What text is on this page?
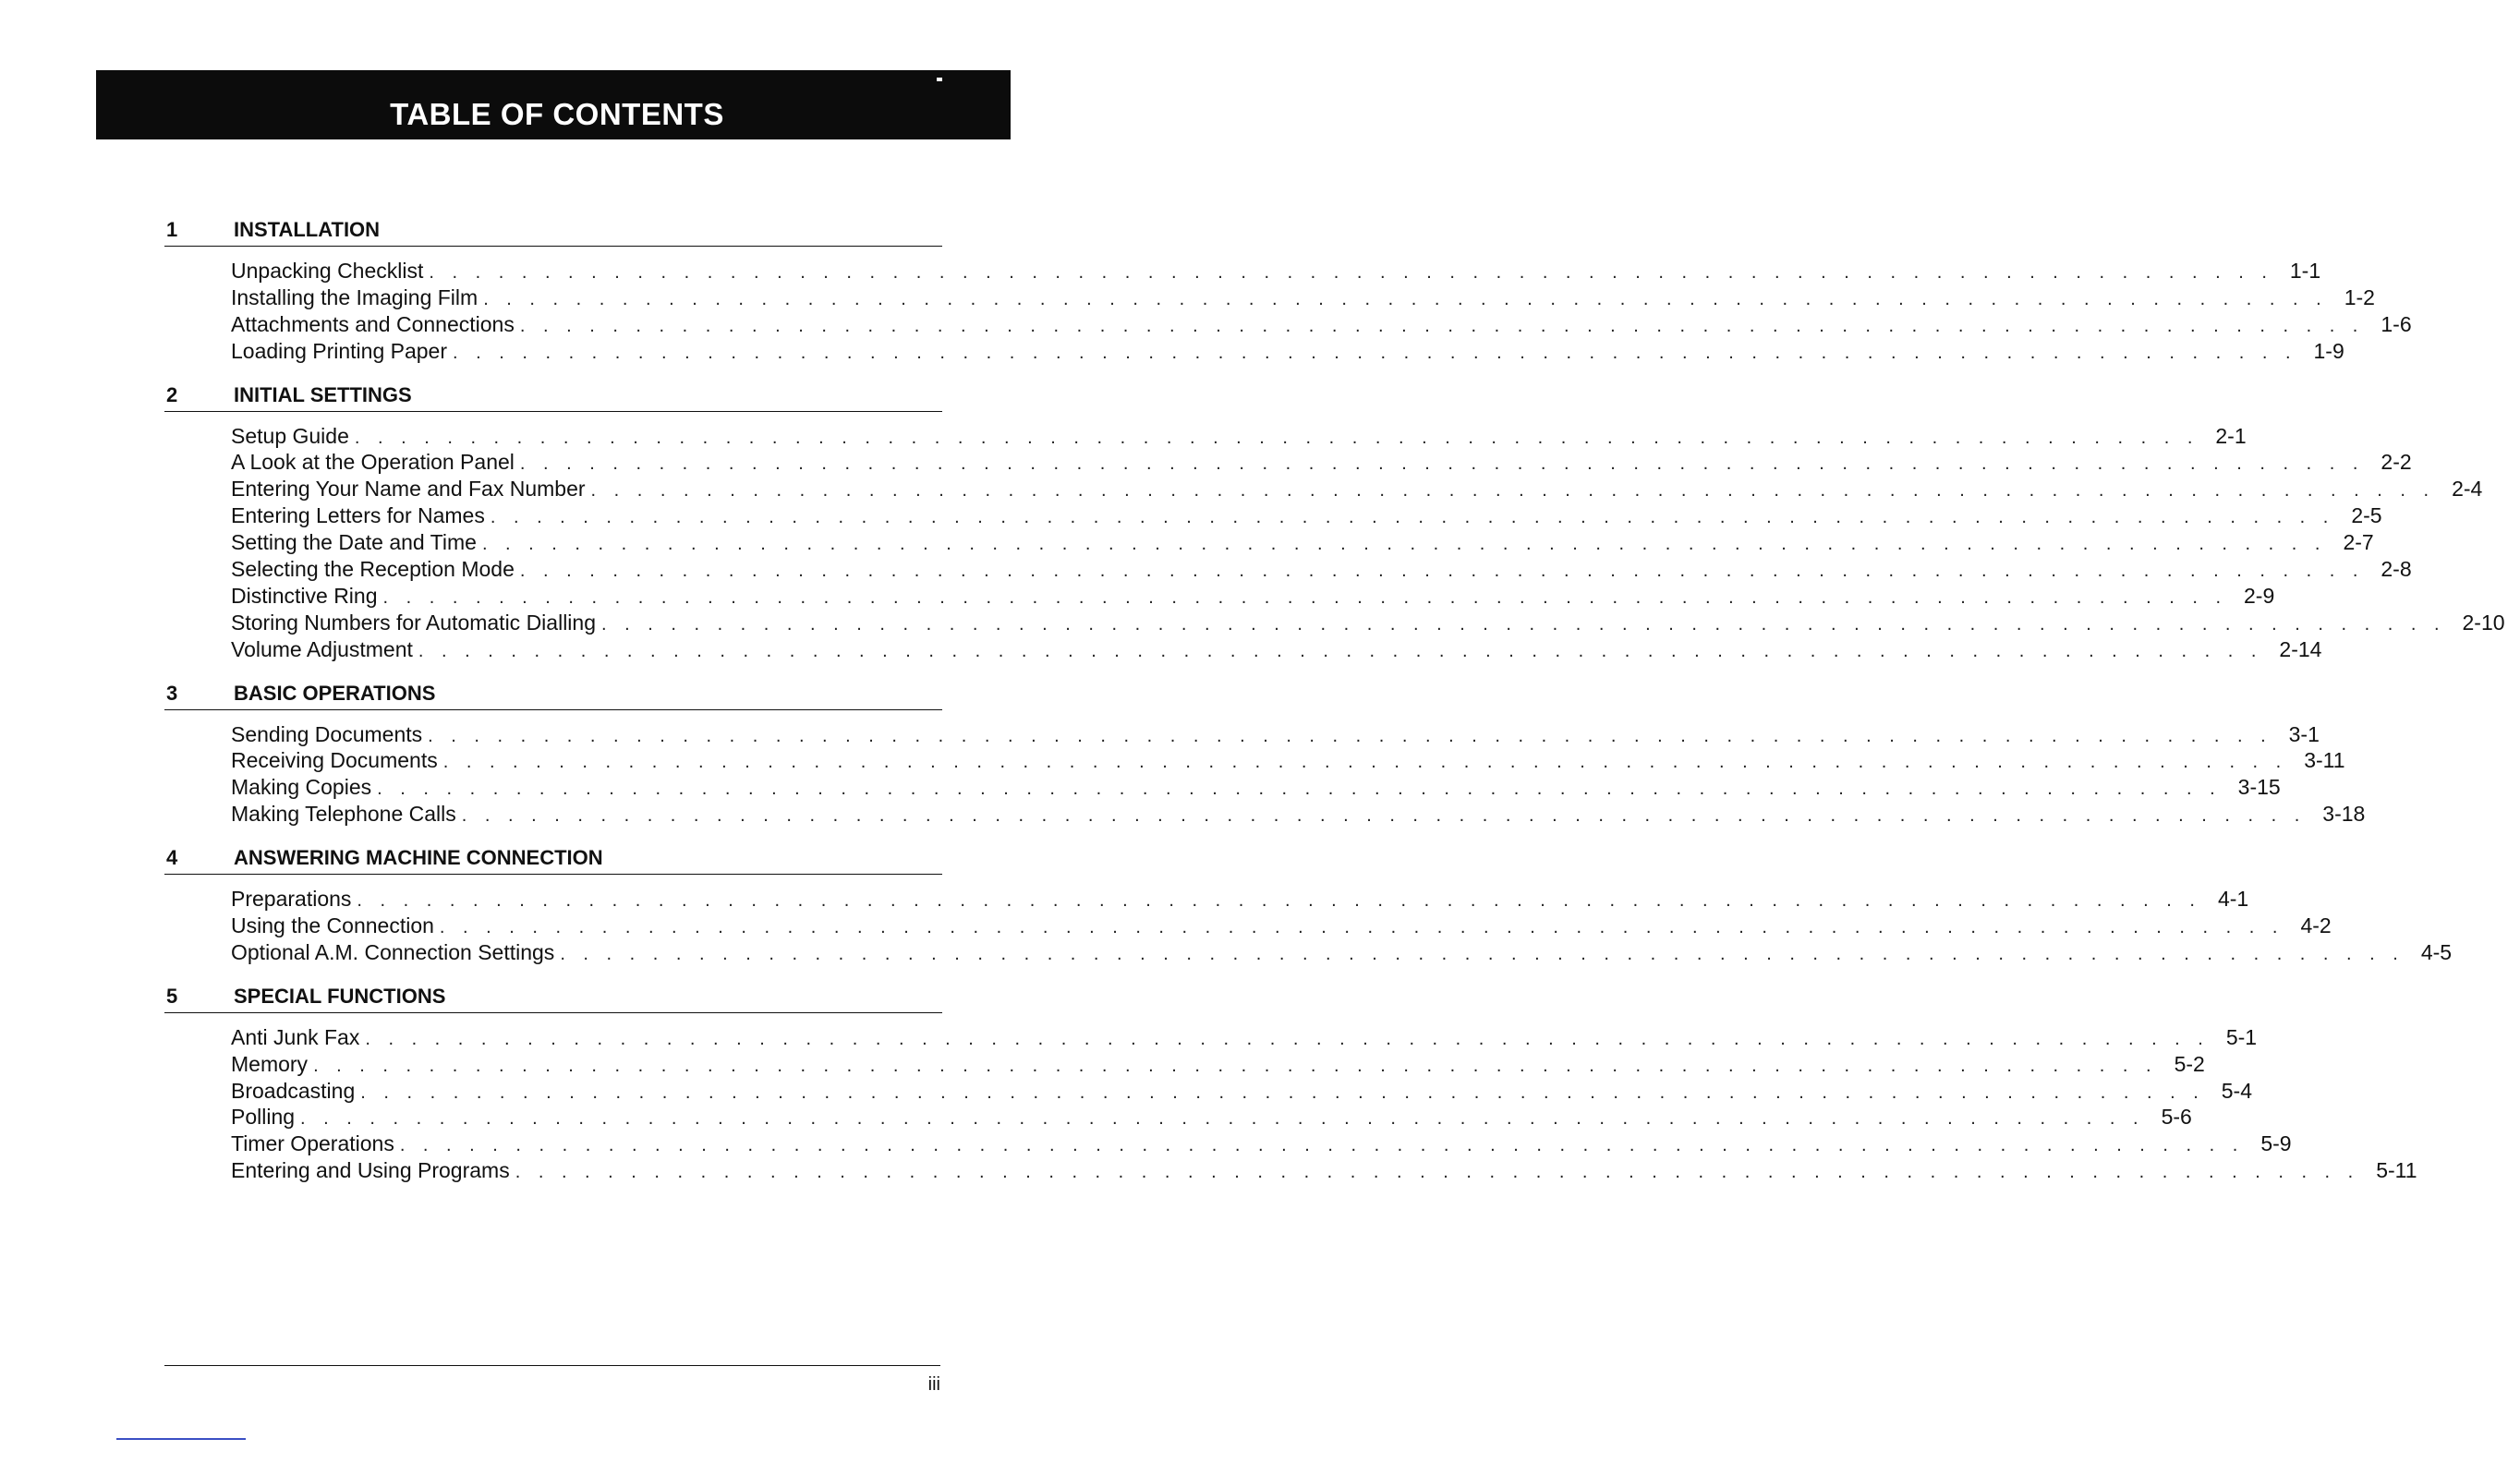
TABLE OF CONTENTS
1	INSTALLATION
Unpacking Checklist . . . . . . . . . . . . . . . . . . . . . . . . . . . . . . . . . . . . . . . . . . . . . . . . . . . . . . . . . . . . . . . . . . . . . . . . . . . . . . . . 1-1
Installing the Imaging Film . . . . . . . . . . . . . . . . . . . . . . . . . . . . . . . . . . . . . . . . . . . . . . . . . . . . . . . . . . . . . . . . . . . . . . . . . . . . . . . . 1-2
Attachments and Connections . . . . . . . . . . . . . . . . . . . . . . . . . . . . . . . . . . . . . . . . . . . . . . . . . . . . . . . . . . . . . . . . . . . . . . . . . . . . . . . . 1-6
Loading Printing Paper . . . . . . . . . . . . . . . . . . . . . . . . . . . . . . . . . . . . . . . . . . . . . . . . . . . . . . . . . . . . . . . . . . . . . . . . . . . . . . . . 1-9
2	INITIAL SETTINGS
Setup Guide . . . . . . . . . . . . . . . . . . . . . . . . . . . . . . . . . . . . . . . . . . . . . . . . . . . . . . . . . . . . . . . . . . . . . . . . . . . . . . . . 2-1
A Look at the Operation Panel . . . . . . . . . . . . . . . . . . . . . . . . . . . . . . . . . . . . . . . . . . . . . . . . . . . . . . . . . . . . . . . . . . . . . . . . . . . . . . . . 2-2
Entering Your Name and Fax Number . . . . . . . . . . . . . . . . . . . . . . . . . . . . . . . . . . . . . . . . . . . . . . . . . . . . . . . . . . . . . . . . . . . . . . . . . . . . . . . . 2-4
Entering Letters for Names . . . . . . . . . . . . . . . . . . . . . . . . . . . . . . . . . . . . . . . . . . . . . . . . . . . . . . . . . . . . . . . . . . . . . . . . . . . . . . . . 2-5
Setting the Date and Time . . . . . . . . . . . . . . . . . . . . . . . . . . . . . . . . . . . . . . . . . . . . . . . . . . . . . . . . . . . . . . . . . . . . . . . . . . . . . . . . 2-7
Selecting the Reception Mode . . . . . . . . . . . . . . . . . . . . . . . . . . . . . . . . . . . . . . . . . . . . . . . . . . . . . . . . . . . . . . . . . . . . . . . . . . . . . . . . 2-8
Distinctive Ring . . . . . . . . . . . . . . . . . . . . . . . . . . . . . . . . . . . . . . . . . . . . . . . . . . . . . . . . . . . . . . . . . . . . . . . . . . . . . . . . 2-9
Storing Numbers for Automatic Dialling . . . . . . . . . . . . . . . . . . . . . . . . . . . . . . . . . . . . . . . . . . . . . . . . . . . . . . . . . . . . . . . . . . . . . . . . . . . . . . . . 2-10
Volume Adjustment . . . . . . . . . . . . . . . . . . . . . . . . . . . . . . . . . . . . . . . . . . . . . . . . . . . . . . . . . . . . . . . . . . . . . . . . . . . . . . . . 2-14
3	BASIC OPERATIONS
Sending Documents . . . . . . . . . . . . . . . . . . . . . . . . . . . . . . . . . . . . . . . . . . . . . . . . . . . . . . . . . . . . . . . . . . . . . . . . . . . . . . . . 3-1
Receiving Documents . . . . . . . . . . . . . . . . . . . . . . . . . . . . . . . . . . . . . . . . . . . . . . . . . . . . . . . . . . . . . . . . . . . . . . . . . . . . . . . . 3-11
Making Copies . . . . . . . . . . . . . . . . . . . . . . . . . . . . . . . . . . . . . . . . . . . . . . . . . . . . . . . . . . . . . . . . . . . . . . . . . . . . . . . . 3-15
Making Telephone Calls . . . . . . . . . . . . . . . . . . . . . . . . . . . . . . . . . . . . . . . . . . . . . . . . . . . . . . . . . . . . . . . . . . . . . . . . . . . . . . . . 3-18
4	ANSWERING MACHINE CONNECTION
Preparations . . . . . . . . . . . . . . . . . . . . . . . . . . . . . . . . . . . . . . . . . . . . . . . . . . . . . . . . . . . . . . . . . . . . . . . . . . . . . . . . 4-1
Using the Connection . . . . . . . . . . . . . . . . . . . . . . . . . . . . . . . . . . . . . . . . . . . . . . . . . . . . . . . . . . . . . . . . . . . . . . . . . . . . . . . . 4-2
Optional A.M. Connection Settings . . . . . . . . . . . . . . . . . . . . . . . . . . . . . . . . . . . . . . . . . . . . . . . . . . . . . . . . . . . . . . . . . . . . . . . . . . . . . . . . 4-5
5	SPECIAL FUNCTIONS
Anti Junk Fax . . . . . . . . . . . . . . . . . . . . . . . . . . . . . . . . . . . . . . . . . . . . . . . . . . . . . . . . . . . . . . . . . . . . . . . . . . . . . . . . 5-1
Memory . . . . . . . . . . . . . . . . . . . . . . . . . . . . . . . . . . . . . . . . . . . . . . . . . . . . . . . . . . . . . . . . . . . . . . . . . . . . . . . . 5-2
Broadcasting . . . . . . . . . . . . . . . . . . . . . . . . . . . . . . . . . . . . . . . . . . . . . . . . . . . . . . . . . . . . . . . . . . . . . . . . . . . . . . . . 5-4
Polling . . . . . . . . . . . . . . . . . . . . . . . . . . . . . . . . . . . . . . . . . . . . . . . . . . . . . . . . . . . . . . . . . . . . . . . . . . . . . . . . 5-6
Timer Operations . . . . . . . . . . . . . . . . . . . . . . . . . . . . . . . . . . . . . . . . . . . . . . . . . . . . . . . . . . . . . . . . . . . . . . . . . . . . . . . . 5-9
Entering and Using Programs . . . . . . . . . . . . . . . . . . . . . . . . . . . . . . . . . . . . . . . . . . . . . . . . . . . . . . . . . . . . . . . . . . . . . . . . . . . . . . . . 5-11
iii
